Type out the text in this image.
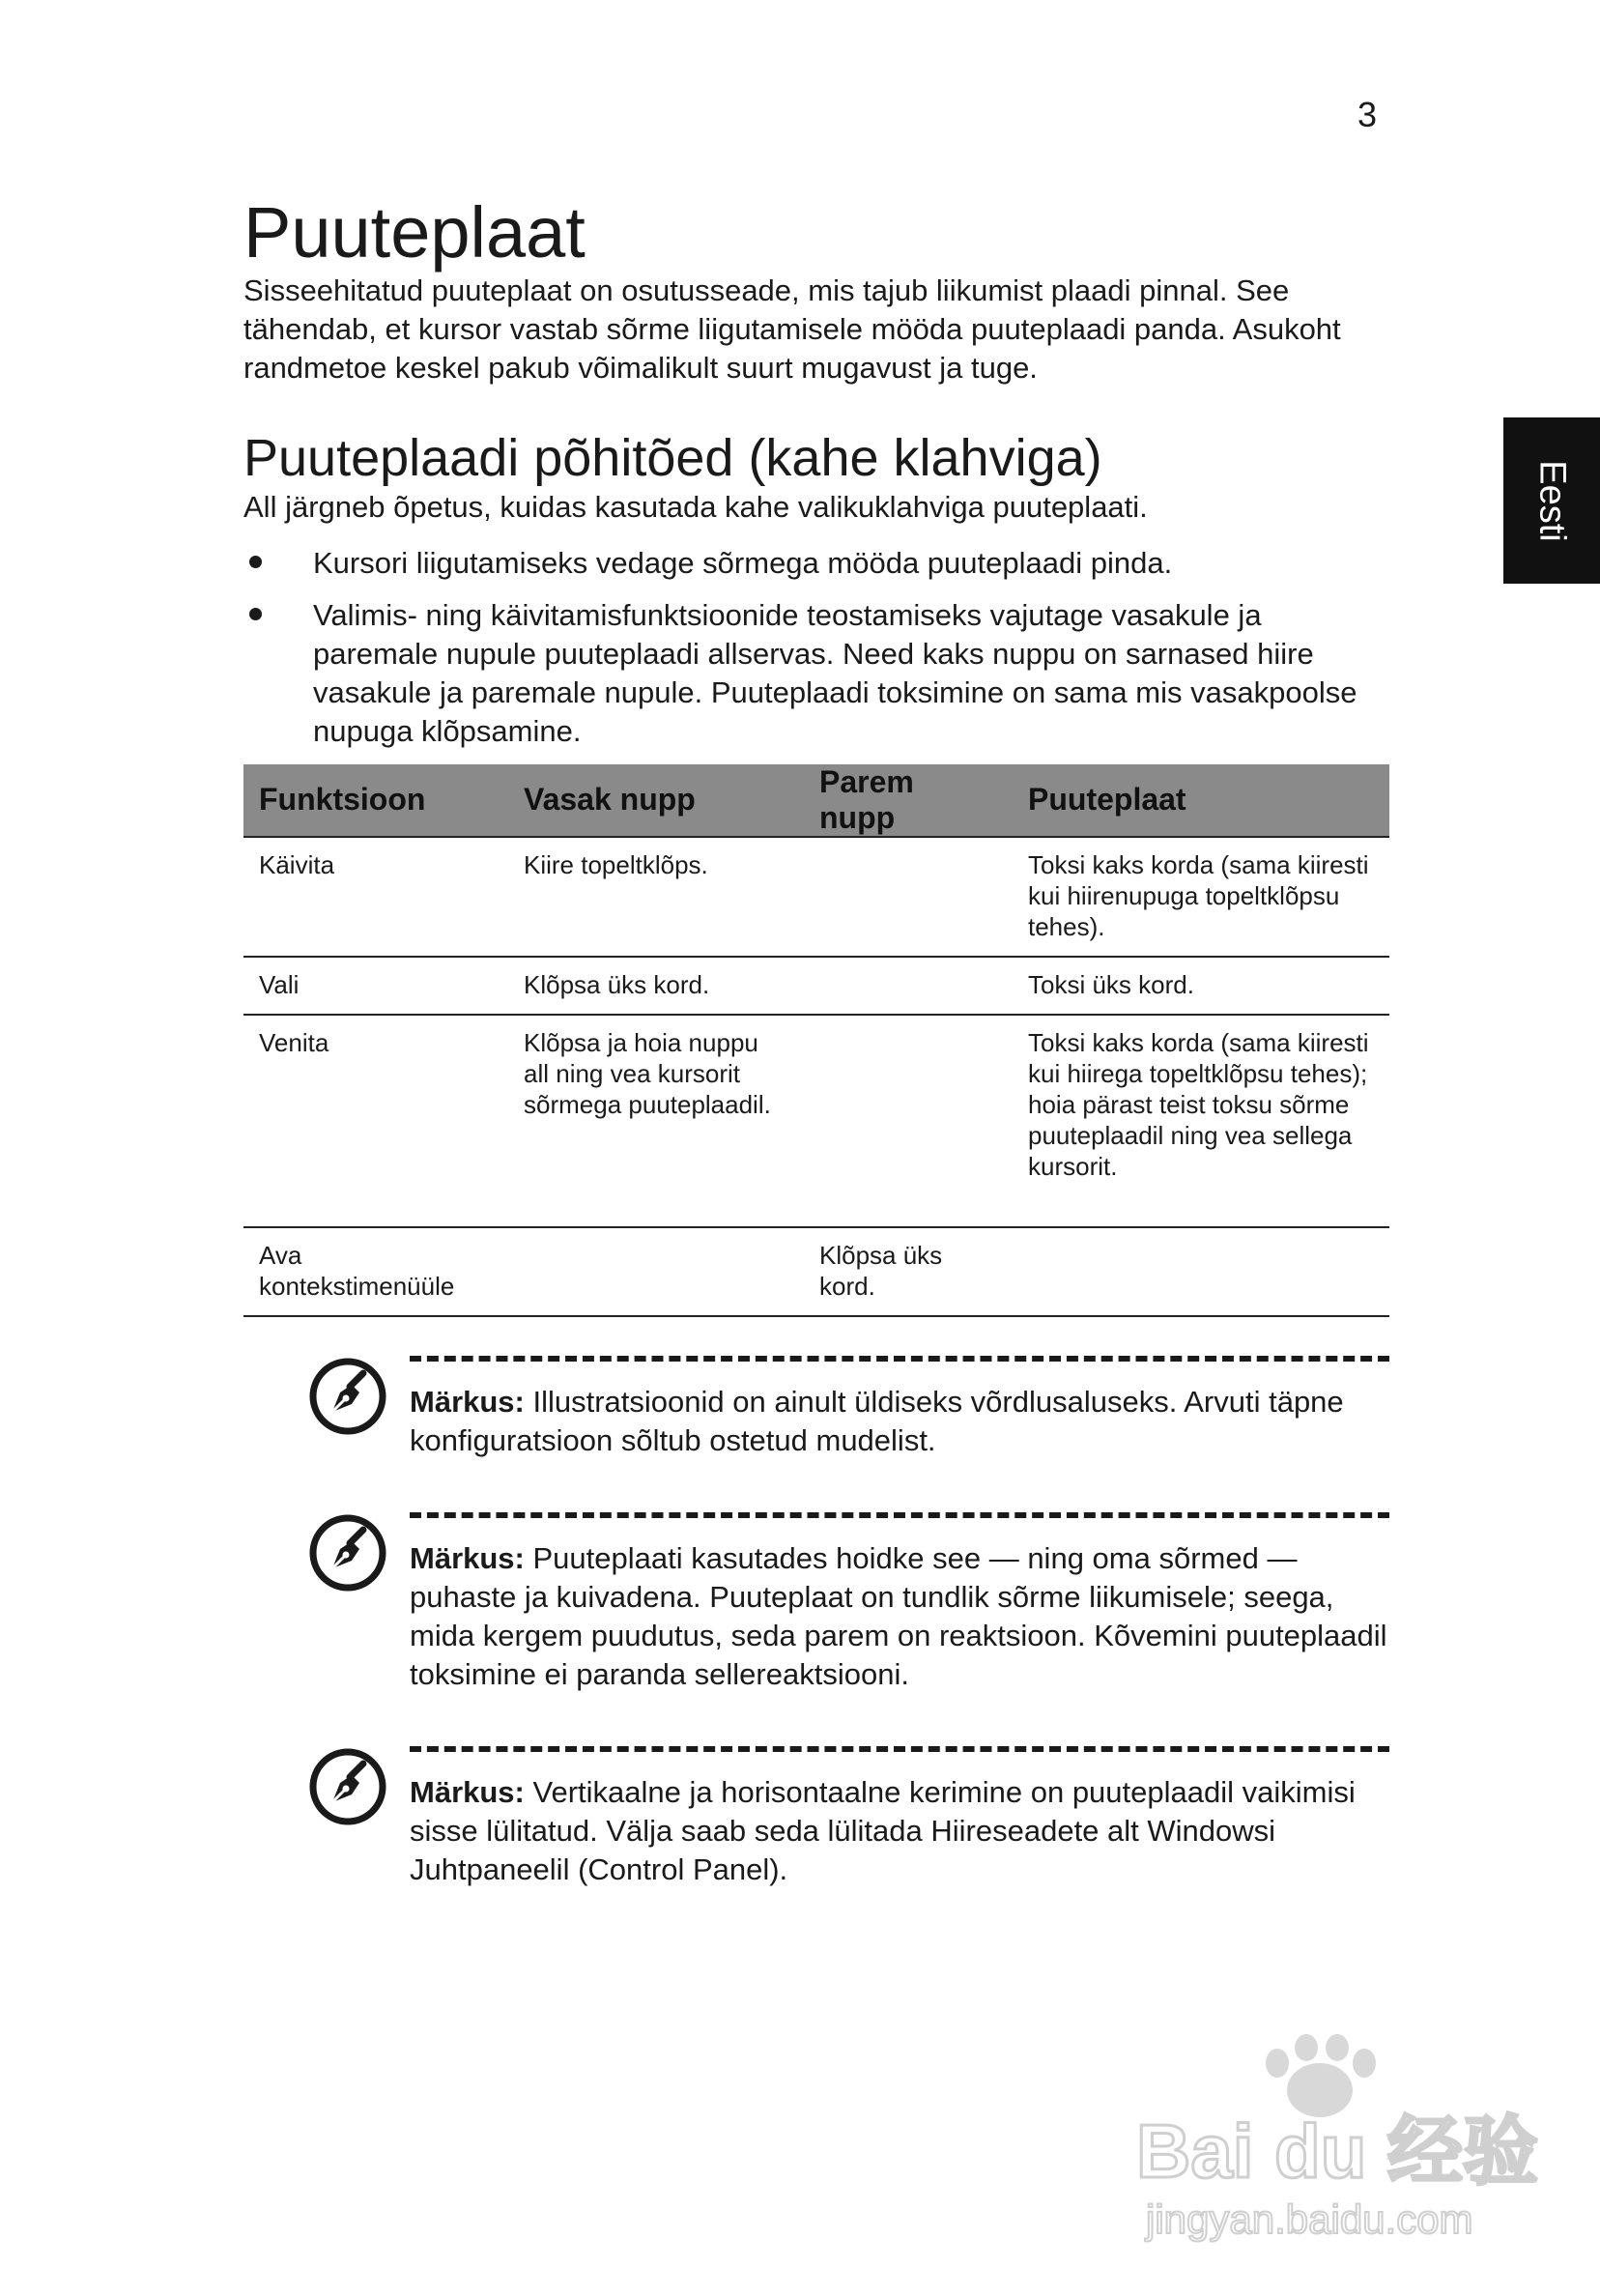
3
Eesti
Puuteplaat

Sisseehitatud puuteplaat on osutusseade, mis tajub liikumist plaadi pinnal. See tähendab, et kursor vastab sõrme liigutamisele mööda puuteplaadi panda. Asukoht randmetoe keskel pakub võimalikult suurt mugavust ja tuge.

Puuteplaadi põhitõed (kahe klahviga)

All järgneb õpetus, kuidas kasutada kahe valikuklahviga puuteplaati.

Kursori liigutamiseks vedage sõrmega mööda puuteplaadi pinda.
Valimis- ning käivitamisfunktsioonide teostamiseks vajutage vasakule ja paremale nupule puuteplaadi allservas. Need kaks nuppu on sarnased hiire vasakule ja paremale nupule. Puuteplaadi toksimine on sama mis vasakpoolse nupuga klõpsamine.
Funktsioon	Vasak nupp	Parem nupp	Puuteplaat
Käivita	Kiire topeltklõps.		Toksi kaks korda (sama kiiresti kui hiirenupuga topeltklõpsu tehes).
Vali	Klõpsa üks kord.		Toksi üks kord.
Venita	Klõpsa ja hoia nuppu all ning vea kursorit sõrmega puuteplaadil.		Toksi kaks korda (sama kiiresti kui hiirega topeltklõpsu tehes); hoia pärast teist toksu sõrme puuteplaadil ning vea sellega kursorit.
Ava kontekstimenüüle		Klõpsa üks kord.	
Märkus: Illustratsioonid on ainult üldiseks võrdlusaluseks. Arvuti täpne konfiguratsioon sõltub ostetud mudelist.
Märkus: Puuteplaati kasutades hoidke see — ning oma sõrmed — puhaste ja kuivadena. Puuteplaat on tundlik sõrme liikumisele; seega, mida kergem puudutus, seda parem on reaktsioon. Kõvemini puuteplaadil toksimine ei paranda sellereaktsiooni.
Märkus: Vertikaalne ja horisontaalne kerimine on puuteplaadil vaikimisi sisse lülitatud. Välja saab seda lülitada Hiireseadete alt Windowsi Juhtpaneelil (Control Panel).
Bai du 经验
jingyan.baidu.com
